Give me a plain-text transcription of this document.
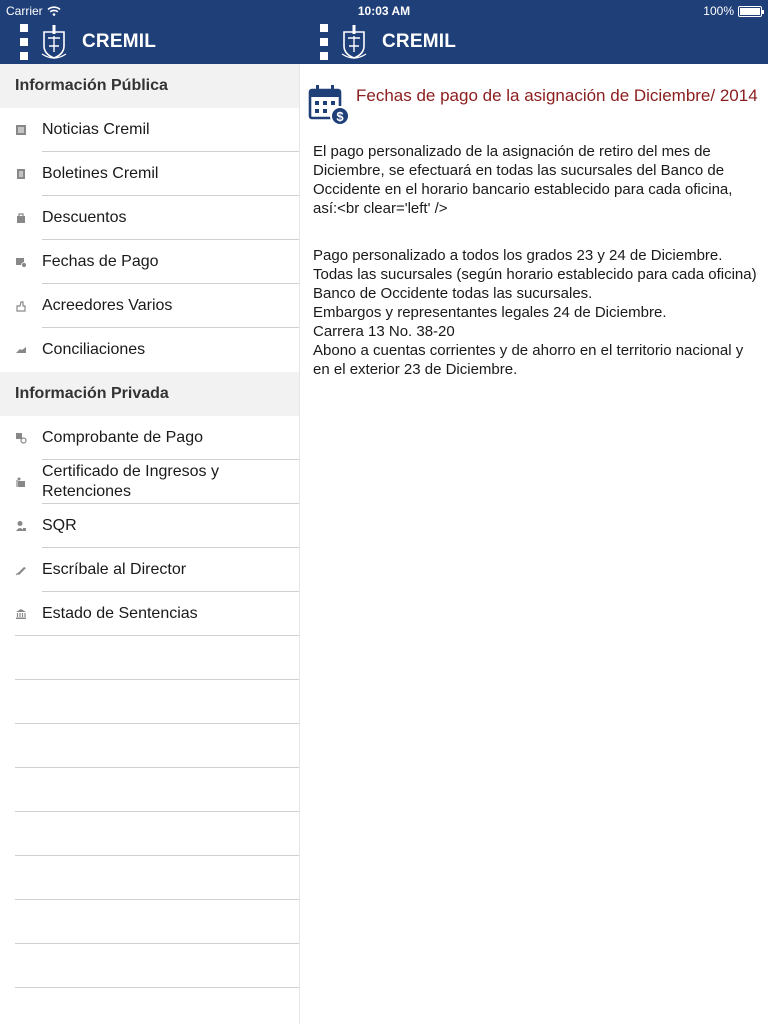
Carrier	10:03 AM	100%
CREMIL	CREMIL
Información Pública
Noticias Cremil
Boletines Cremil
Descuentos
Fechas de Pago
Acreedores Varios
Conciliaciones
Información Privada
Comprobante de Pago
Certificado de Ingresos y Retenciones
SQR
Escríbale al Director
Estado de Sentencias
$
Fechas de pago de la asignación de Diciembre/ 2014

El pago personalizado de la asignación de retiro del mes de Diciembre, se efectuará en todas las sucursales del Banco de Occidente en el horario bancario establecido para cada oficina, así:<br clear='left' />

Pago personalizado a todos los grados 23 y 24 de Diciembre.

Todas las sucursales (según horario establecido para cada oficina) Banco de Occidente todas las sucursales.

Embargos y representantes legales 24 de Diciembre.

Carrera 13 No. 38-20

Abono a cuentas corrientes y de ahorro en el territorio nacional y en el exterior 23 de Diciembre.
